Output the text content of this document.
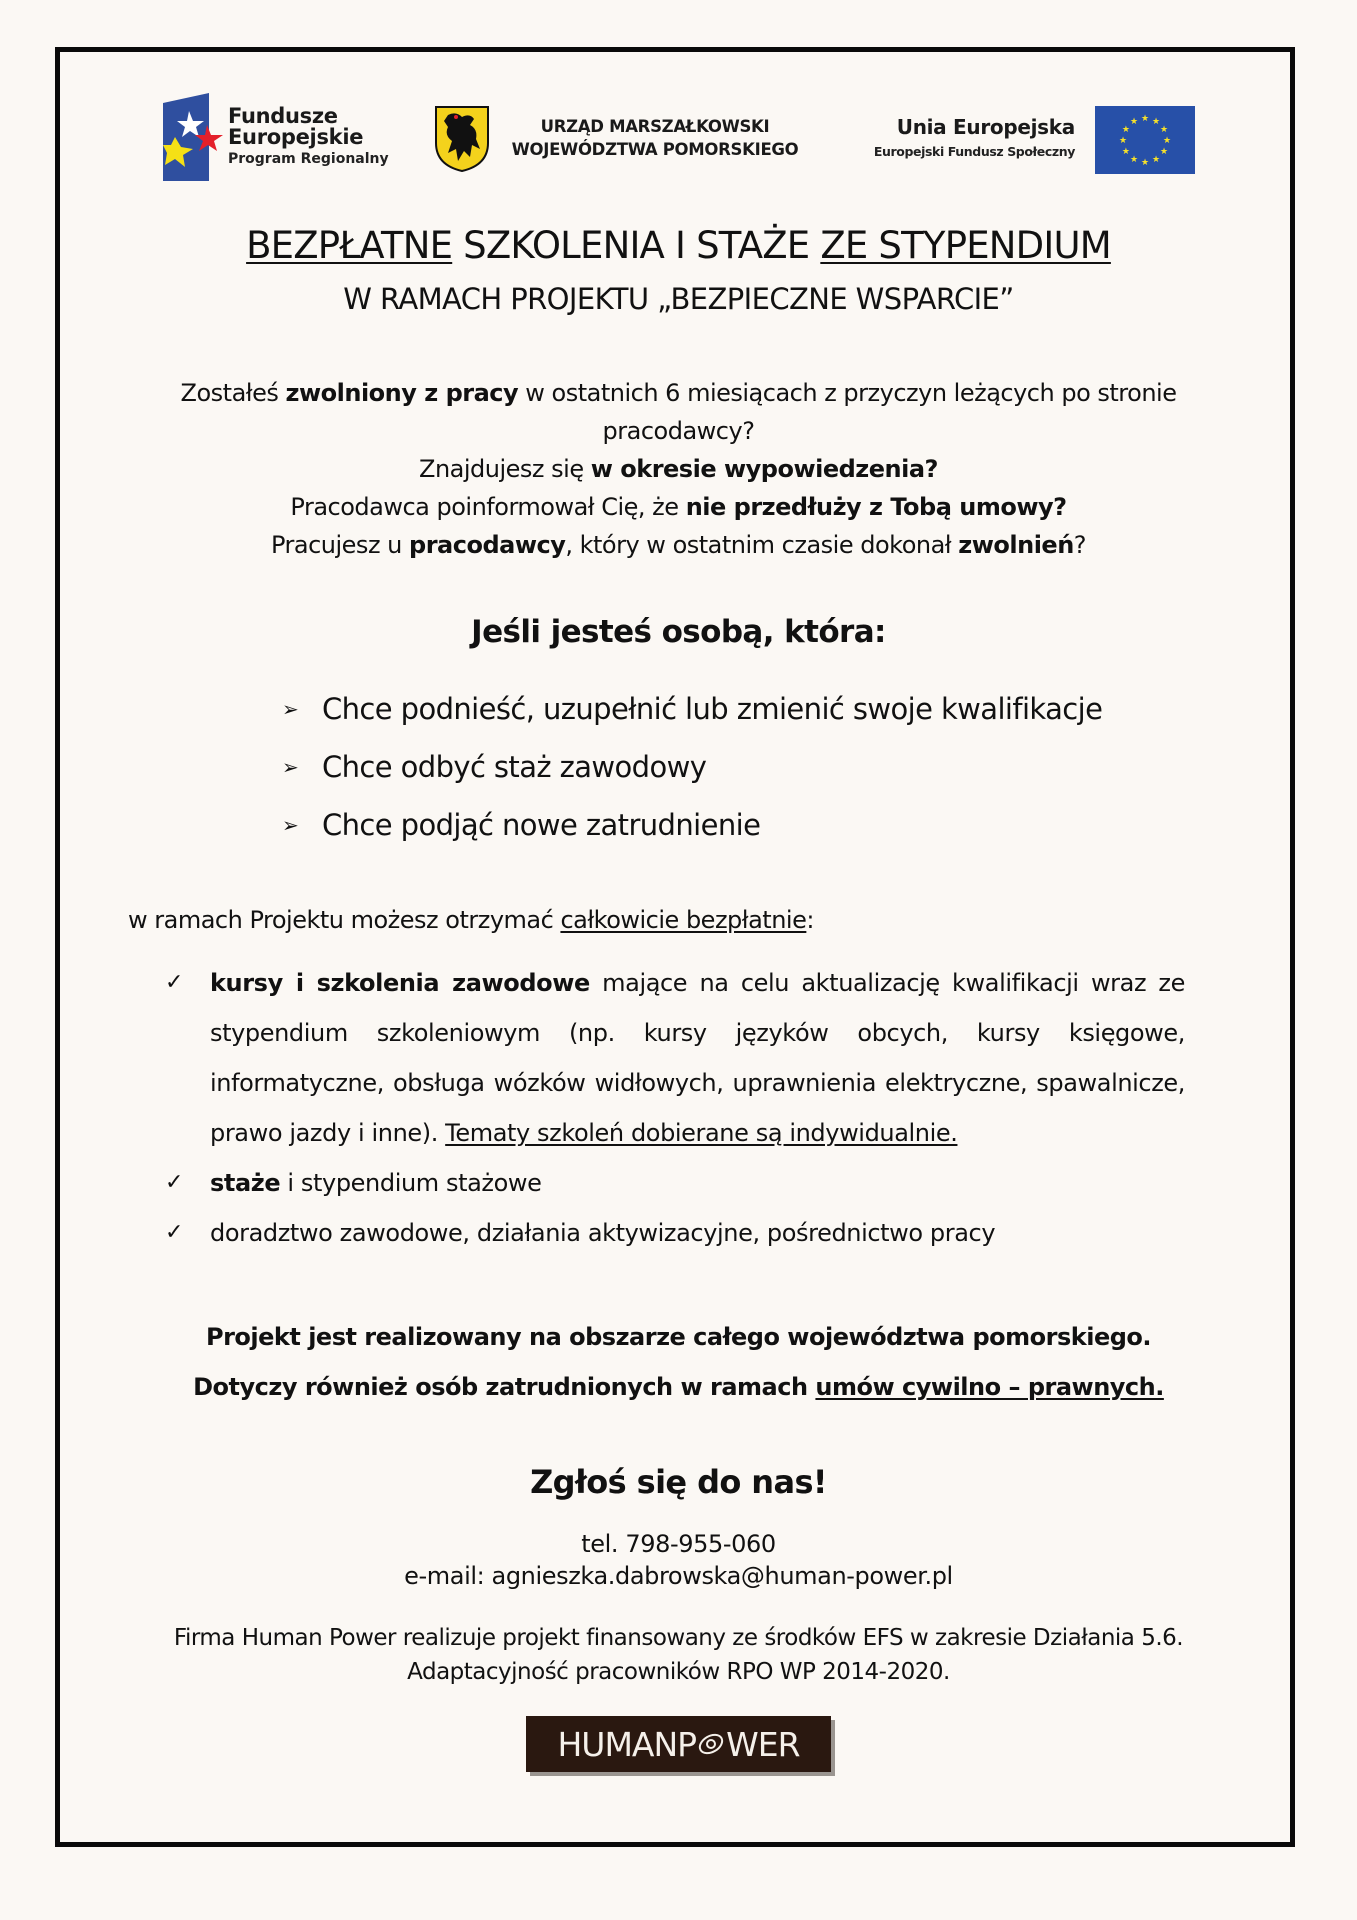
Fundusze
Europejskie
Program Regionalny
URZĄD MARSZAŁKOWSKI
WOJEWÓDZTWA POMORSKIEGO
Unia Europejska
Europejski Fundusz Społeczny
★ ★
★
★
★
★
★
★
★
★
★
★
BEZPŁATNE SZKOLENIA I STAŻE ZE STYPENDIUM
W RAMACH PROJEKTU „BEZPIECZNE WSPARCIE”
Zostałeś zwolniony z pracy w ostatnich 6 miesiącach z przyczyn leżących po stronie pracodawcy?
Znajdujesz się w okresie wypowiedzenia?
Pracodawca poinformował Cię, że nie przedłuży z Tobą umowy?
Pracujesz u pracodawcy, który w ostatnim czasie dokonał zwolnień?
Jeśli jesteś osobą, która:
➢ Chce podnieść, uzupełnić lub zmienić swoje kwalifikacje
➢ Chce odbyć staż zawodowy
➢ Chce podjąć nowe zatrudnienie
w ramach Projektu możesz otrzymać całkowicie bezpłatnie:
✓	kursy i szkolenia zawodowe mające na celu aktualizację kwalifikacji wraz ze stypendium szkoleniowym (np. kursy języków obcych, kursy księgowe, informatyczne, obsługa wózków widłowych, uprawnienia elektryczne, spawalnicze, prawo jazdy i inne). Tematy szkoleń dobierane są indywidualnie.
✓	staże i stypendium stażowe
✓	doradztwo zawodowe, działania aktywizacyjne, pośrednictwo pracy
Projekt jest realizowany na obszarze całego województwa pomorskiego.
Dotyczy również osób zatrudnionych w ramach umów cywilno – prawnych.
Zgłoś się do nas!
tel. 798-955-060
e-mail: agnieszka.dabrowska@human-power.pl
Firma Human Power realizuje projekt finansowany ze środków EFS w zakresie Działania 5.6.
Adaptacyjność pracowników RPO WP 2014-2020.
HUMANP WER
